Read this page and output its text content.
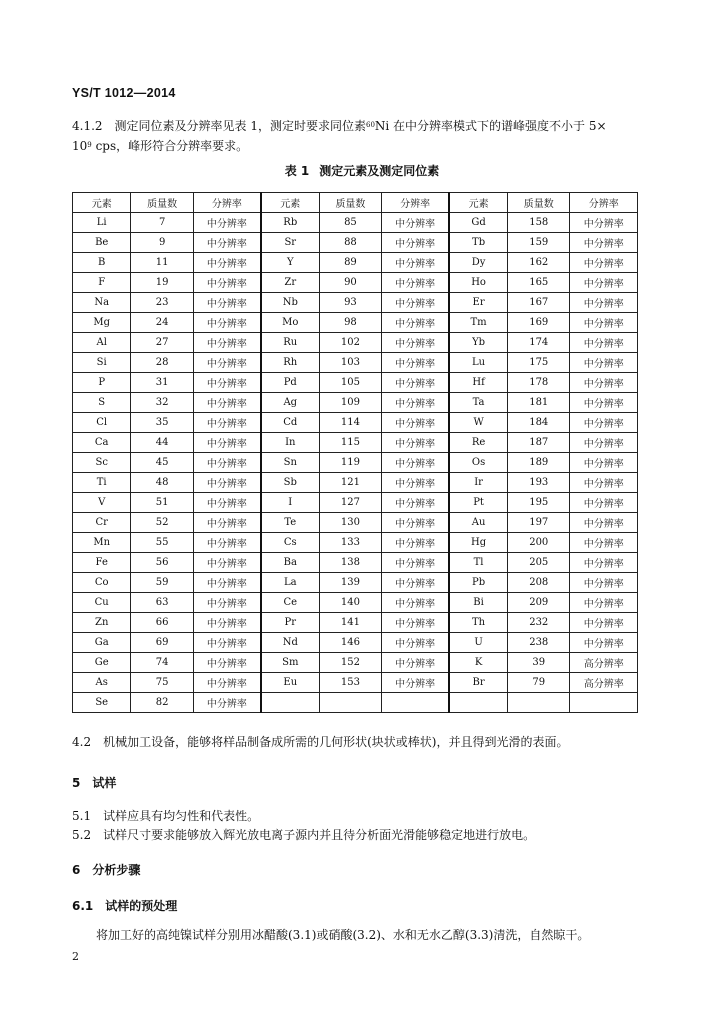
YS/T 1012—2014
4.1.2　测定同位素及分辨率见表 1，测定时要求同位素$^{60}$Ni 在中分辨率模式下的谱峰强度不小于 5×
$10^9$ cps，峰形符合分辨率要求。
表 1 测定元素及测定同位素
元素	质量数	分辨率	元素	质量数	分辨率	元素	质量数	分辨率
Li	7	中分辨率	Rb	85	中分辨率	Gd	158	中分辨率
Be	9	中分辨率	Sr	88	中分辨率	Tb	159	中分辨率
B	11	中分辨率	Y	89	中分辨率	Dy	162	中分辨率
F	19	中分辨率	Zr	90	中分辨率	Ho	165	中分辨率
Na	23	中分辨率	Nb	93	中分辨率	Er	167	中分辨率
Mg	24	中分辨率	Mo	98	中分辨率	Tm	169	中分辨率
Al	27	中分辨率	Ru	102	中分辨率	Yb	174	中分辨率
Si	28	中分辨率	Rh	103	中分辨率	Lu	175	中分辨率
P	31	中分辨率	Pd	105	中分辨率	Hf	178	中分辨率
S	32	中分辨率	Ag	109	中分辨率	Ta	181	中分辨率
Cl	35	中分辨率	Cd	114	中分辨率	W	184	中分辨率
Ca	44	中分辨率	In	115	中分辨率	Re	187	中分辨率
Sc	45	中分辨率	Sn	119	中分辨率	Os	189	中分辨率
Ti	48	中分辨率	Sb	121	中分辨率	Ir	193	中分辨率
V	51	中分辨率	I	127	中分辨率	Pt	195	中分辨率
Cr	52	中分辨率	Te	130	中分辨率	Au	197	中分辨率
Mn	55	中分辨率	Cs	133	中分辨率	Hg	200	中分辨率
Fe	56	中分辨率	Ba	138	中分辨率	Tl	205	中分辨率
Co	59	中分辨率	La	139	中分辨率	Pb	208	中分辨率
Cu	63	中分辨率	Ce	140	中分辨率	Bi	209	中分辨率
Zn	66	中分辨率	Pr	141	中分辨率	Th	232	中分辨率
Ga	69	中分辨率	Nd	146	中分辨率	U	238	中分辨率
Ge	74	中分辨率	Sm	152	中分辨率	K	39	高分辨率
As	75	中分辨率	Eu	153	中分辨率	Br	79	高分辨率
Se	82	中分辨率						
4.2　机械加工设备，能够将样品制备成所需的几何形状(块状或棒状)，并且得到光滑的表面。
5 试样
5.1　试样应具有均匀性和代表性。
5.2　试样尺寸要求能够放入辉光放电离子源内并且待分析面光滑能够稳定地进行放电。
6 分析步骤
6.1 试样的预处理
将加工好的高纯镍试样分别用冰醋酸(3.1)或硝酸(3.2)、水和无水乙醇(3.3)清洗，自然晾干。
2
